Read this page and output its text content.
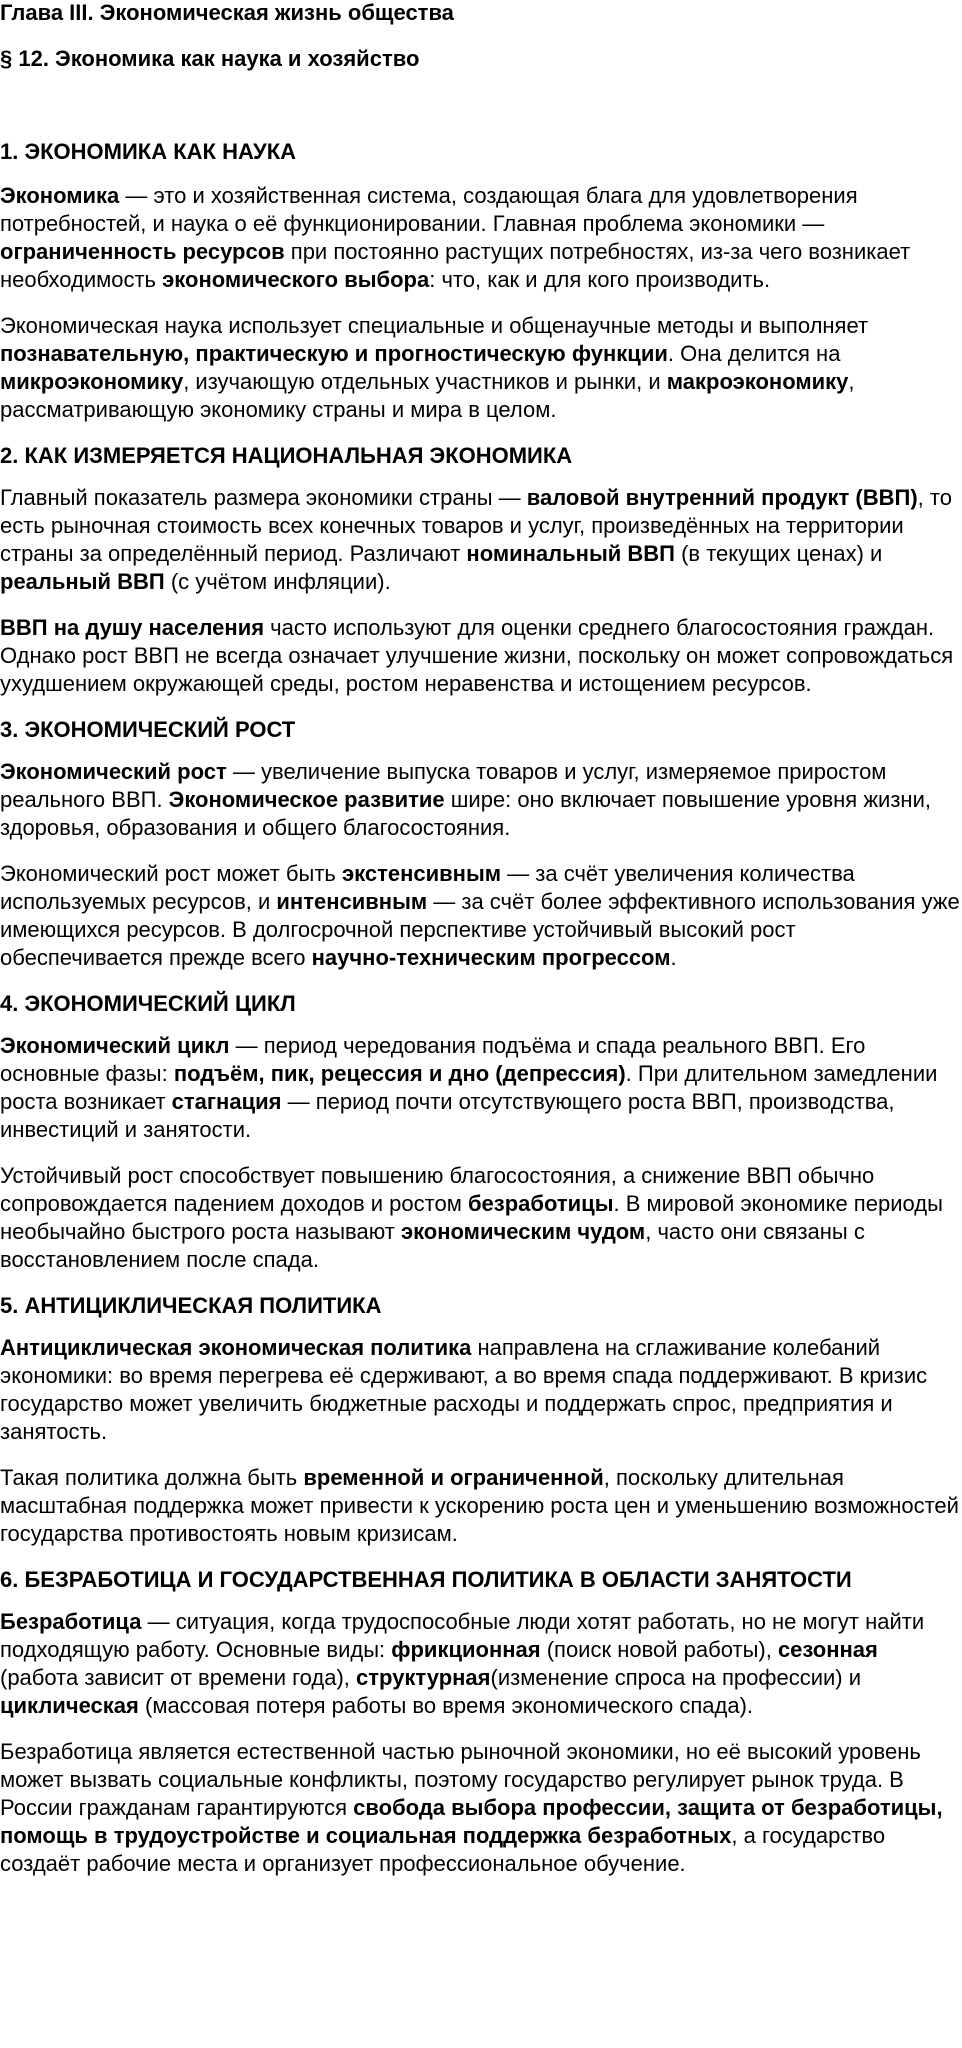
Глава III. Экономическая жизнь общества
§ 12. Экономика как наука и хозяйство
1. ЭКОНОМИКА КАК НАУКА

Экономика — это и хозяйственная система, создающая блага для удовлетворения потребностей, и наука о её функционировании. Главная проблема экономики — ограниченность ресурсов при постоянно растущих потребностях, из-за чего возникает необходимость экономического выбора: что, как и для кого производить.

Экономическая наука использует специальные и общенаучные методы и выполняет познавательную, практическую и прогностическую функции. Она делится на микроэкономику, изучающую отдельных участников и рынки, и макроэкономику, рассматривающую экономику страны и мира в целом.

2. КАК ИЗМЕРЯЕТСЯ НАЦИОНАЛЬНАЯ ЭКОНОМИКА

Главный показатель размера экономики страны — валовой внутренний продукт (ВВП), то есть рыночная стоимость всех конечных товаров и услуг, произведённых на территории страны за определённый период. Различают номинальный ВВП (в текущих ценах) и реальный ВВП (с учётом инфляции).

ВВП на душу населения часто используют для оценки среднего благосостояния граждан. Однако рост ВВП не всегда означает улучшение жизни, поскольку он может сопровождаться ухудшением окружающей среды, ростом неравенства и истощением ресурсов.

3. ЭКОНОМИЧЕСКИЙ РОСТ

Экономический рост — увеличение выпуска товаров и услуг, измеряемое приростом реального ВВП. Экономическое развитие шире: оно включает повышение уровня жизни, здоровья, образования и общего благосостояния.

Экономический рост может быть экстенсивным — за счёт увеличения количества используемых ресурсов, и интенсивным — за счёт более эффективного использования уже имеющихся ресурсов. В долгосрочной перспективе устойчивый высокий рост обеспечивается прежде всего научно-техническим прогрессом.

4. ЭКОНОМИЧЕСКИЙ ЦИКЛ

Экономический цикл — период чередования подъёма и спада реального ВВП. Его основные фазы: подъём, пик, рецессия и дно (депрессия). При длительном замедлении роста возникает стагнация — период почти отсутствующего роста ВВП, производства, инвестиций и занятости.

Устойчивый рост способствует повышению благосостояния, а снижение ВВП обычно сопровождается падением доходов и ростом безработицы. В мировой экономике периоды необычайно быстрого роста называют экономическим чудом, часто они связаны с восстановлением после спада.

5. АНТИЦИКЛИЧЕСКАЯ ПОЛИТИКА

Антициклическая экономическая политика направлена на сглаживание колебаний экономики: во время перегрева её сдерживают, а во время спада поддерживают. В кризис государство может увеличить бюджетные расходы и поддержать спрос, предприятия и занятость.

Такая политика должна быть временной и ограниченной, поскольку длительная масштабная поддержка может привести к ускорению роста цен и уменьшению возможностей государства противостоять новым кризисам.

6. БЕЗРАБОТИЦА И ГОСУДАРСТВЕННАЯ ПОЛИТИКА В ОБЛАСТИ ЗАНЯТОСТИ

Безработица — ситуация, когда трудоспособные люди хотят работать, но не могут найти подходящую работу. Основные виды: фрикционная (поиск новой работы), сезонная (работа зависит от времени года), структурная(изменение спроса на профессии) и циклическая (массовая потеря работы во время экономического спада).

Безработица является естественной частью рыночной экономики, но её высокий уровень может вызвать социальные конфликты, поэтому государство регулирует рынок труда. В России гражданам гарантируются свобода выбора профессии, защита от безработицы, помощь в трудоустройстве и социальная поддержка безработных, а государство создаёт рабочие места и организует профессиональное обучение.
